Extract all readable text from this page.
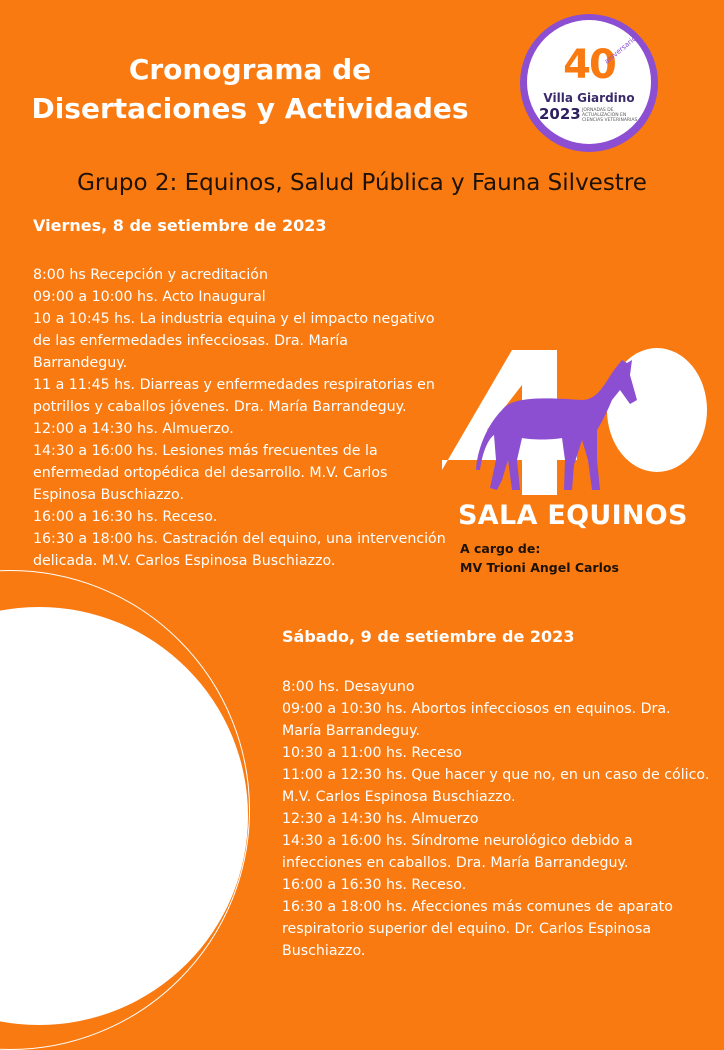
Cronograma de
Disertaciones y Actividades
40
aniversario
Villa Giardino
2023 JORNADAS DE ACTUALIZACIÓN EN CIENCIAS VETERINARIAS
Grupo 2: Equinos, Salud Pública y Fauna Silvestre
Viernes, 8 de setiembre de 2023
8:00 hs Recepción y acreditación
09:00 a 10:00 hs. Acto Inaugural
10 a 10:45 hs. La industria equina y el impacto negativo
de las enfermedades infecciosas. Dra. María
Barrandeguy.
11 a 11:45 hs. Diarreas y enfermedades respiratorias en
potrillos y caballos jóvenes. Dra. María Barrandeguy.
12:00 a 14:30 hs. Almuerzo.
14:30 a 16:00 hs. Lesiones más frecuentes de la
enfermedad ortopédica del desarrollo. M.V. Carlos
Espinosa Buschiazzo.
16:00 a 16:30 hs. Receso.
16:30 a 18:00 hs. Castración del equino, una intervención
delicada. M.V. Carlos Espinosa Buschiazzo.
SALA EQUINOS
A cargo de:
MV Trioni Angel Carlos
Sábado, 9 de setiembre de 2023
8:00 hs. Desayuno
09:00 a 10:30 hs. Abortos infecciosos en equinos. Dra.
María Barrandeguy.
10:30 a 11:00 hs. Receso
11:00 a 12:30 hs. Que hacer y que no, en un caso de cólico.
M.V. Carlos Espinosa Buschiazzo.
12:30 a 14:30 hs. Almuerzo
14:30 a 16:00 hs. Síndrome neurológico debido a
infecciones en caballos. Dra. María Barrandeguy.
16:00 a 16:30 hs. Receso.
16:30 a 18:00 hs. Afecciones más comunes de aparato
respiratorio superior del equino. Dr. Carlos Espinosa
Buschiazzo.
